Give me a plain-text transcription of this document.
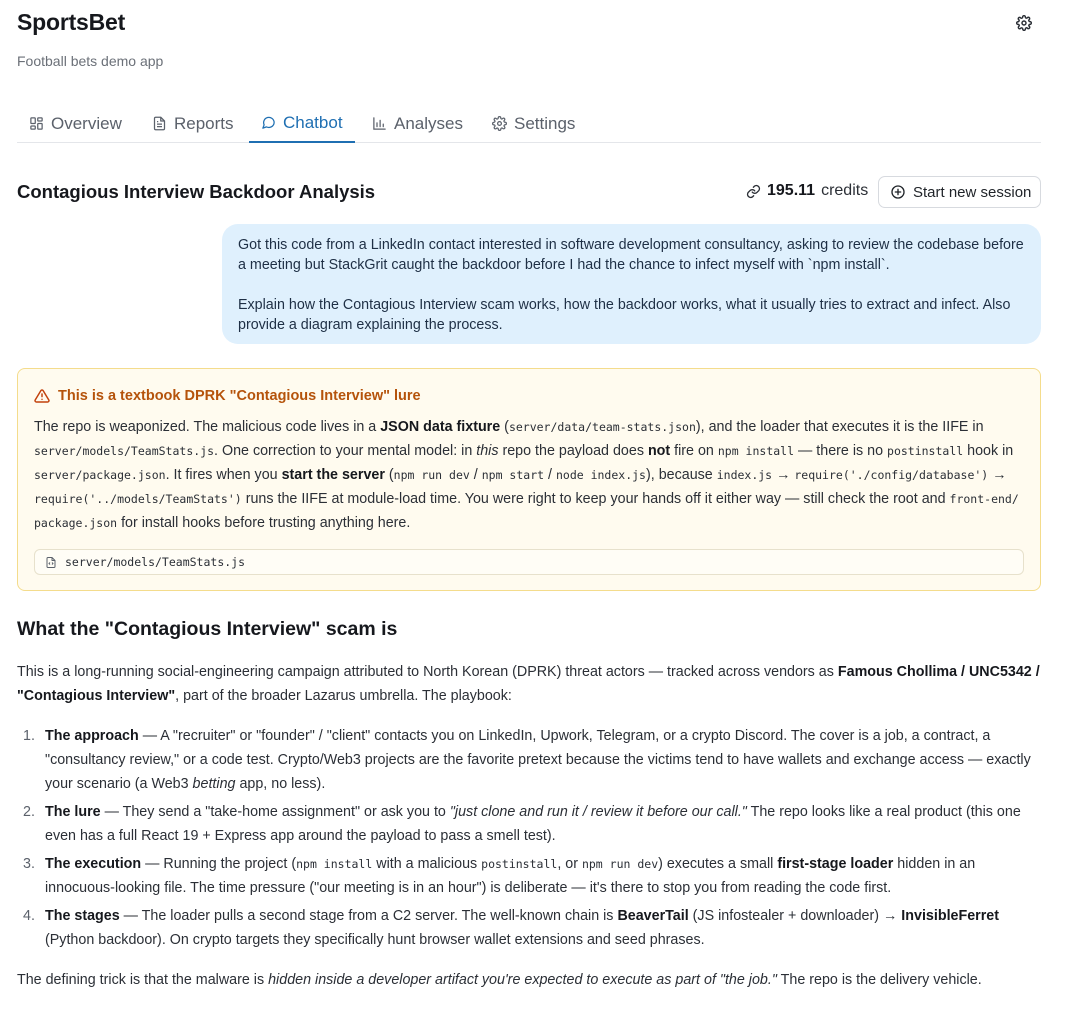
SportsBet
Football bets demo app
Overview	Reports	Chatbot	Analyses	Settings
Contagious Interview Backdoor Analysis	195.11 credits	Start new session

Got this code from a LinkedIn contact interested in software development consultancy, asking to review the codebase before a meeting but StackGrit caught the backdoor before I had the chance to infect myself with `npm install`.

Explain how the Contagious Interview scam works, how the backdoor works, what it usually tries to extract and infect. Also provide a diagram explaining the process.

This is a textbook DPRK "Contagious Interview" lure
The repo is weaponized. The malicious code lives in a JSON data fixture (server/data/team-stats.json), and the loader that executes it is the IIFE in server/models/TeamStats.js. One correction to your mental model: in this repo the payload does not fire on npm install — there is no postinstall hook in server/package.json. It fires when you start the server (npm run dev / npm start / node index.js), because index.js → require('./config/database') → require('../models/TeamStats') runs the IIFE at module-load time. You were right to keep your hands off it either way — still check the root and front-end/ package.json for install hooks before trusting anything here.
server/models/TeamStats.js
What the "Contagious Interview" scam is
This is a long-running social-engineering campaign attributed to North Korean (DPRK) threat actors — tracked across vendors as Famous Chollima / UNC5342 / "Contagious Interview", part of the broader Lazarus umbrella. The playbook:
1. The approach — A "recruiter" or "founder" / "client" contacts you on LinkedIn, Upwork, Telegram, or a crypto Discord. The cover is a job, a contract, a "consultancy review," or a code test. Crypto/Web3 projects are the favorite pretext because the victims tend to have wallets and exchange access — exactly your scenario (a Web3 betting app, no less).
2. The lure — They send a "take-home assignment" or ask you to "just clone and run it / review it before our call." The repo looks like a real product (this one even has a full React 19 + Express app around the payload to pass a smell test).
3. The execution — Running the project (npm install with a malicious postinstall, or npm run dev) executes a small first-stage loader hidden in an innocuous-looking file. The time pressure ("our meeting is in an hour") is deliberate — it's there to stop you from reading the code first.
4. The stages — The loader pulls a second stage from a C2 server. The well-known chain is BeaverTail (JS infostealer + downloader) → InvisibleFerret (Python backdoor). On crypto targets they specifically hunt browser wallet extensions and seed phrases.
The defining trick is that the malware is hidden inside a developer artifact you're expected to execute as part of "the job." The repo is the delivery vehicle.
